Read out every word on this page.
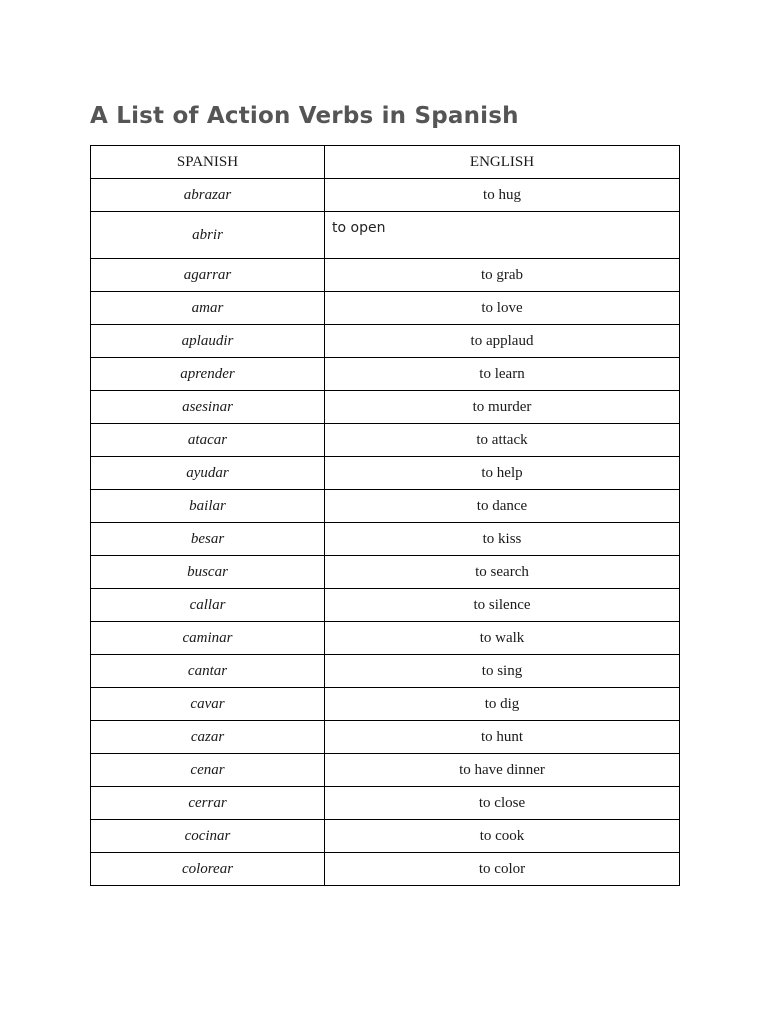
A List of Action Verbs in Spanish
SPANISH	ENGLISH
abrazar	to hug
abrir	to open
agarrar	to grab
amar	to love
aplaudir	to applaud
aprender	to learn
asesinar	to murder
atacar	to attack
ayudar	to help
bailar	to dance
besar	to kiss
buscar	to search
callar	to silence
caminar	to walk
cantar	to sing
cavar	to dig
cazar	to hunt
cenar	to have dinner
cerrar	to close
cocinar	to cook
colorear	to color
